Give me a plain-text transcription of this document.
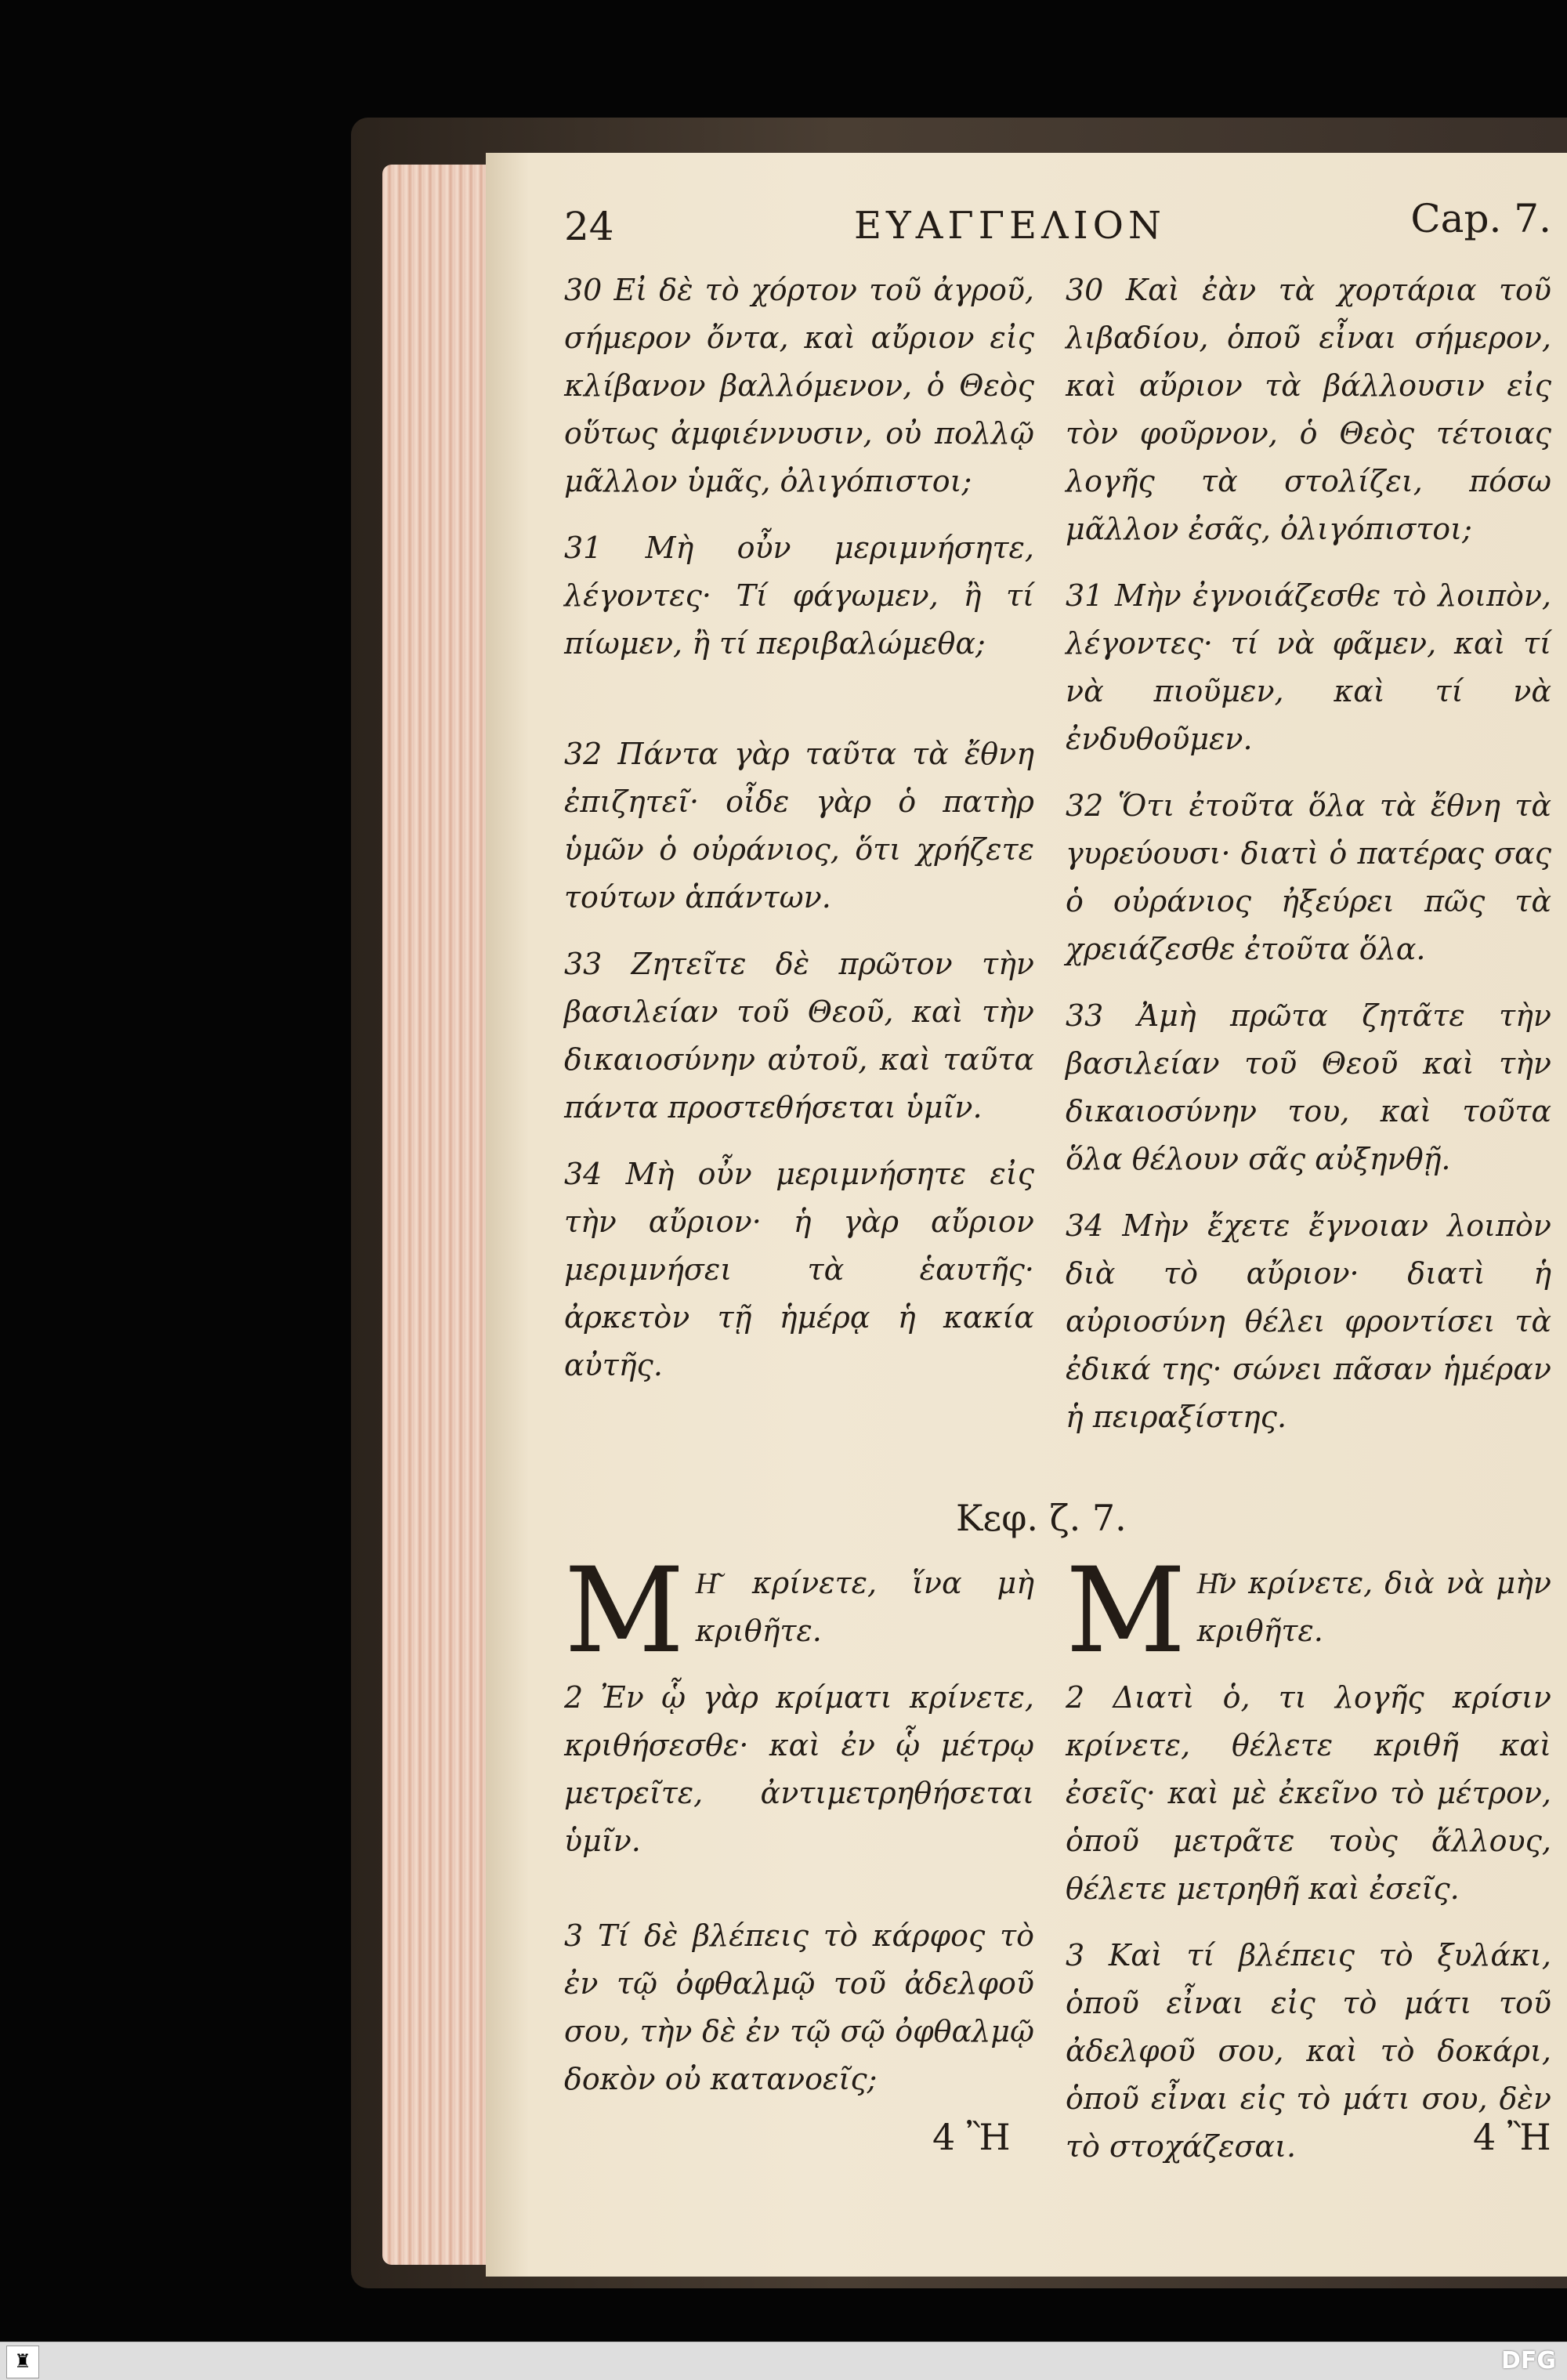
24	ΕΥΑΓΓΕΛΙΟΝ	Cap. 7.

30 Εἰ δὲ τὸ χόρτον τοῦ ἀγροῦ, σήμερον ὄντα, καὶ αὔριον εἰς κλίβανον βαλλόμενον, ὁ Θεὸς οὕτως ἀμφιέννυσιν, οὐ πολλῷ μᾶλλον ὑμᾶς, ὀλιγόπιστοι;

31 Μὴ οὖν μεριμνήσητε, λέγοντες· Τί φάγωμεν, ἢ τί πίωμεν, ἢ τί περιβαλώμεθα;

32 Πάντα γὰρ ταῦτα τὰ ἔθνη ἐπιζητεῖ· οἶδε γὰρ ὁ πατὴρ ὑμῶν ὁ οὐράνιος, ὅτι χρήζετε τούτων ἁπάντων.

33 Ζητεῖτε δὲ πρῶτον τὴν βασιλείαν τοῦ Θεοῦ, καὶ τὴν δικαιοσύνην αὐτοῦ, καὶ ταῦτα πάντα προστεθήσεται ὑμῖν.

34 Μὴ οὖν μεριμνήσητε εἰς τὴν αὔριον· ἡ γὰρ αὔριον μεριμνήσει τὰ ἑαυτῆς· ἀρκετὸν τῇ ἡμέρᾳ ἡ κακία αὐτῆς.

30 Καὶ ἐὰν τὰ χορτάρια τοῦ λιβαδίου, ὁποῦ εἶναι σήμερον, καὶ αὔριον τὰ βάλλουσιν εἰς τὸν φοῦρνον, ὁ Θεὸς τέτοιας λογῆς τὰ στολίζει, πόσω μᾶλλον ἐσᾶς, ὀλιγόπιστοι;

31 Μὴν ἐγνοιάζεσθε τὸ λοιπὸν, λέγοντες· τί νὰ φᾶμεν, καὶ τί νὰ πιοῦμεν, καὶ τί νὰ ἐνδυθοῦμεν.

32 Ὅτι ἐτοῦτα ὅλα τὰ ἔθνη τὰ γυρεύουσι· διατὶ ὁ πατέρας σας ὁ οὐράνιος ἠξεύρει πῶς τὰ χρειάζεσθε ἐτοῦτα ὅλα.

33 Ἀμὴ πρῶτα ζητᾶτε τὴν βασιλείαν τοῦ Θεοῦ καὶ τὴν δικαιοσύνην του, καὶ τοῦτα ὅλα θέλουν σᾶς αὐξηνθῇ.

34 Μὴν ἔχετε ἔγνοιαν λοιπὸν διὰ τὸ αὔριον· διατὶ ἡ αὐριοσύνη θέλει φροντίσει τὰ ἐδικά της· σώνει πᾶσαν ἡμέραν ἡ πειραξίστης.

Κεφ. ζ. 7.
Μ Η͂ κρίνετε, ἵνα μὴ κριθῆτε.

2 Ἐν ᾧ γὰρ κρίματι κρίνετε, κριθήσεσθε· καὶ ἐν ᾧ μέτρῳ μετρεῖτε, ἀντιμετρηθήσεται ὑμῖν.

3 Τί δὲ βλέπεις τὸ κάρφος τὸ ἐν τῷ ὀφθαλμῷ τοῦ ἀδελφοῦ σου, τὴν δὲ ἐν τῷ σῷ ὀφθαλμῷ δοκὸν οὐ κατανοεῖς;

Μ Η͂ν κρίνετε, διὰ νὰ μὴν κριθῆτε.

2 Διατὶ ὁ, τι λογῆς κρίσιν κρίνετε, θέλετε κριθῆ καὶ ἐσεῖς· καὶ μὲ ἐκεῖνο τὸ μέτρον, ὁποῦ μετρᾶτε τοὺς ἄλλους, θέλετε μετρηθῆ καὶ ἐσεῖς.

3 Καὶ τί βλέπεις τὸ ξυλάκι, ὁποῦ εἶναι εἰς τὸ μάτι τοῦ ἀδελφοῦ σου, καὶ τὸ δοκάρι, ὁποῦ εἶναι εἰς τὸ μάτι σου, δὲν τὸ στοχάζεσαι.

4 Ἢ	4 Ἢ
♜	DFG
